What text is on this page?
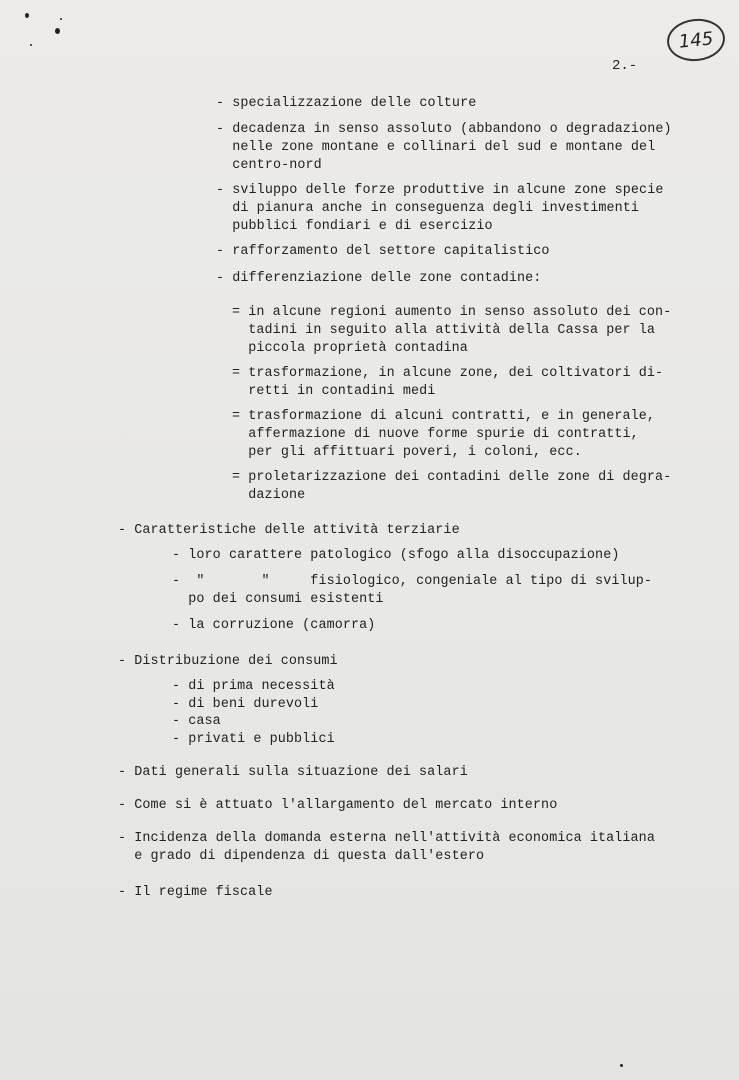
145
2.-
- specializzazione delle colture
- decadenza in senso assoluto (abbandono o degradazione)
nelle zone montane e collinari del sud e montane del
centro-nord
- sviluppo delle forze produttive in alcune zone specie
di pianura anche in conseguenza degli investimenti
pubblici fondiari e di esercizio
- rafforzamento del settore capitalistico
- differenziazione delle zone contadine:
= in alcune regioni aumento in senso assoluto dei con-
tadini in seguito alla attività della Cassa per la
piccola proprietà contadina
= trasformazione, in alcune zone, dei coltivatori di-
retti in contadini medi
= trasformazione di alcuni contratti, e in generale,
affermazione di nuove forme spurie di contratti,
per gli affittuari poveri, i coloni, ecc.
= proletarizzazione dei contadini delle zone di degra-
dazione
- Caratteristiche delle attività terziarie
- loro carattere patologico (sfogo alla disoccupazione)
-  "       "     fisiologico, congeniale al tipo di svilup-
po dei consumi esistenti
- la corruzione (camorra)
- Distribuzione dei consumi
- di prima necessità
- di beni durevoli
- casa
- privati e pubblici
- Dati generali sulla situazione dei salari
- Come si è attuato l'allargamento del mercato interno
- Incidenza della domanda esterna nell'attività economica italiana
e grado di dipendenza di questa dall'estero
- Il regime fiscale
